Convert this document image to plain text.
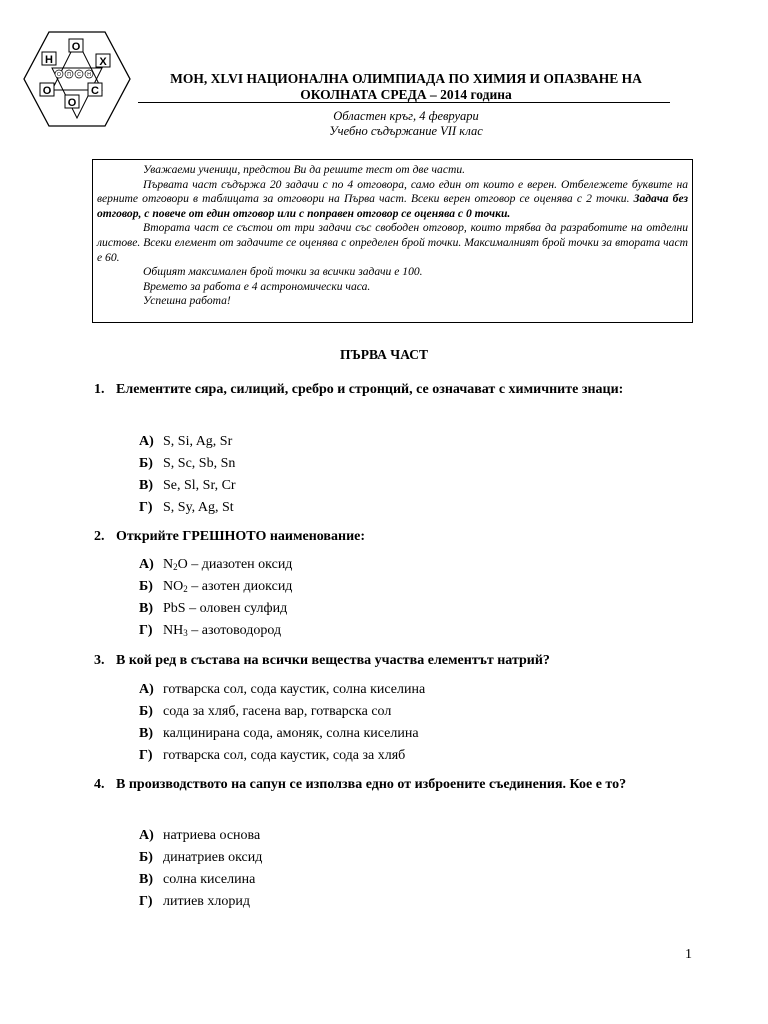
O
H	X
O	C
O
О П С Н	МОН, XLVI НАЦИОНАЛНА ОЛИМПИАДА ПО ХИМИЯ И ОПАЗВАНЕ НА
ОКОЛНАТА СРЕДА – 2014 година
Областен кръг, 4 февруари
Учебно съдържание VII клас

Уважаеми ученици, предстои Ви да решите тест от две части.

Първата част съдържа 20 задачи с по 4 отговора, само един от които е верен. Отбележете буквите на верните отговори в таблицата за отговори на Първа част. Всеки верен отговор се оценява с 2 точки. Задача без отговор, с повече от един отговор или с поправен отговор се оценява с 0 точки.

Втората част се състои от три задачи със свободен отговор, които трябва да разработите на отделни листове. Всеки елемент от задачите се оценява с определен брой точки. Максималният брой точки за втората част е 60.

Общият максимален брой точки за всички задачи е 100.

Времето за работа е 4 астрономически часа.

Успешна работа!

ПЪРВА ЧАСТ
1. Елементите сяра, силиций, сребро и стронций, се означават с химичните знаци:
А) S, Si, Ag, Sr
Б) S, Sc, Sb, Sn
В) Se, Sl, Sr, Cr
Г) S, Sy, Ag, St
2. Открийте ГРЕШНОТО наименование:
А) $N_2O$ – диазотен оксид
Б) $NO_2$ – азотен диоксид
В) PbS – оловен сулфид
Г) $NH_3$ – азотоводород
3. В кой ред в състава на всички вещества участва елементът натрий?
А) готварска сол, сода каустик, солна киселина
Б) сода за хляб, гасена вар, готварска сол
В) калцинирана сода, амоняк, солна киселина
Г) готварска сол, сода каустик, сода за хляб
4. В производството на сапун се използва едно от изброените съединения. Кое е то?
А) натриева основа
Б) динатриев оксид
В) солна киселина
Г) литиев хлорид
1
